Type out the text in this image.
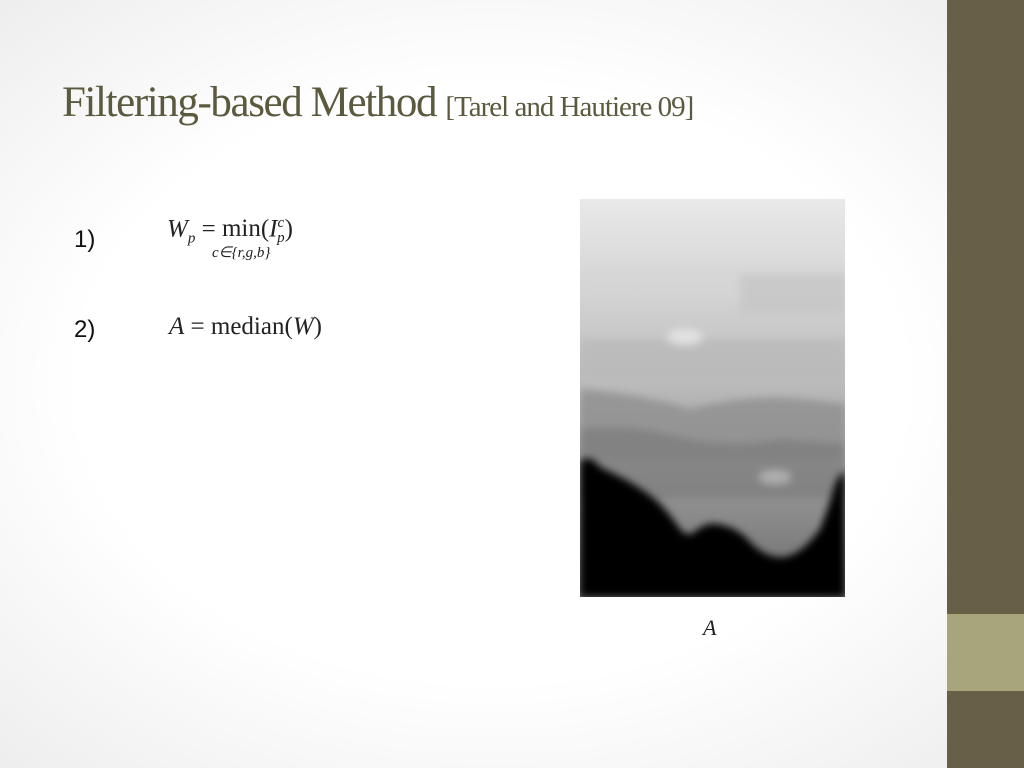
Filtering-based Method [Tarel and Hautiere 09]
1)	$W_p = \min$
c∈{r,g,b}
$(I^c_p)$
2)	A = median(W)
A
